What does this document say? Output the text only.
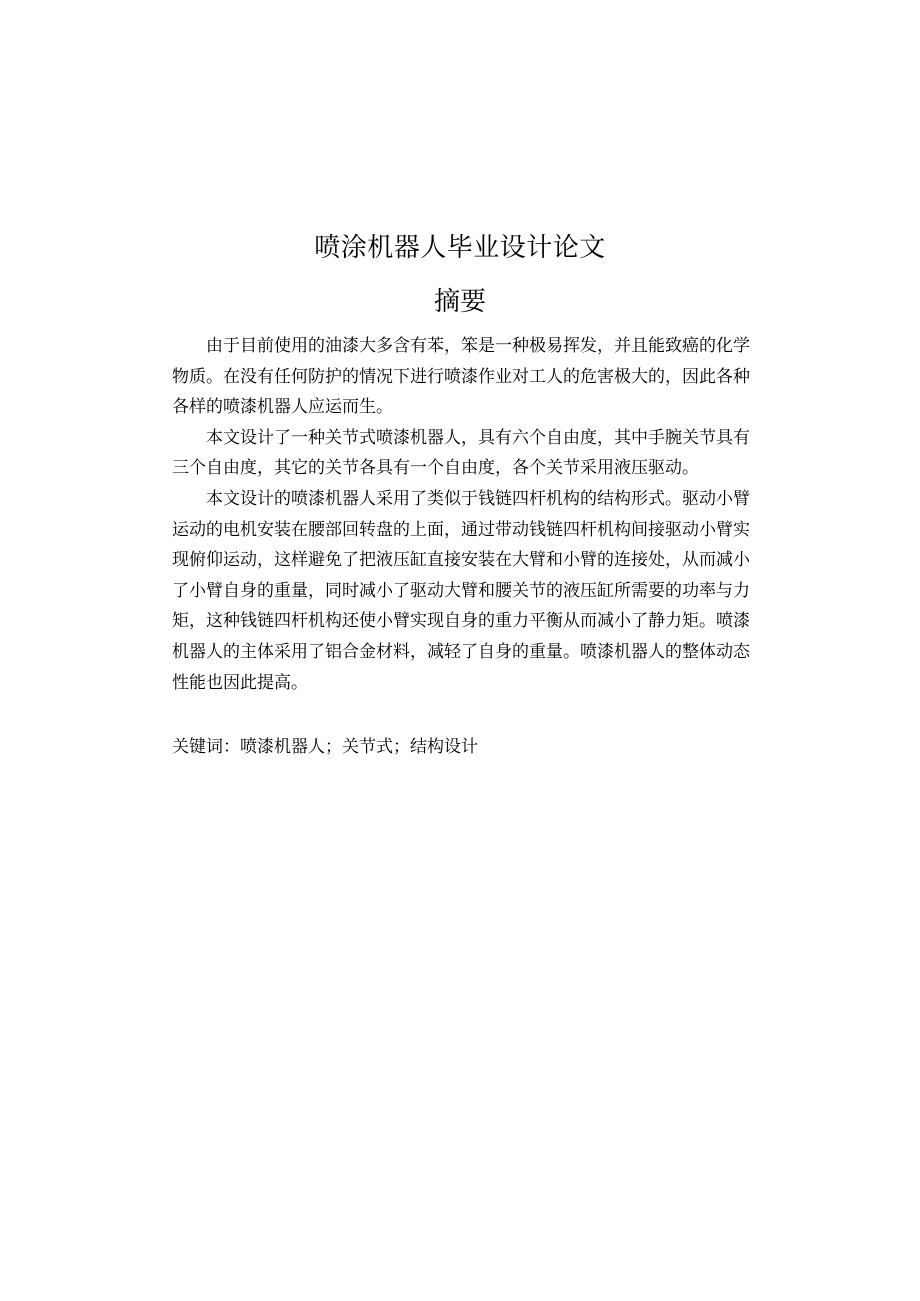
喷涂机器人毕业设计论文
摘要

由于目前使用的油漆大多含有苯，笨是一种极易挥发，并且能致癌的化学物质。在没有任何防护的情况下进行喷漆作业对工人的危害极大的，因此各种各样的喷漆机器人应运而生。

本文设计了一种关节式喷漆机器人，具有六个自由度，其中手腕关节具有三个自由度，其它的关节各具有一个自由度，各个关节采用液压驱动。

本文设计的喷漆机器人采用了类似于钱链四杆机构的结构形式。驱动小臂运动的电机安装在腰部回转盘的上面，通过带动钱链四杆机构间接驱动小臂实现俯仰运动，这样避免了把液压缸直接安装在大臂和小臂的连接处，从而减小了小臂自身的重量，同时减小了驱动大臂和腰关节的液压缸所需要的功率与力矩，这种钱链四杆机构还使小臂实现自身的重力平衡从而减小了静力矩。喷漆机器人的主体采用了铝合金材料，减轻了自身的重量。喷漆机器人的整体动态性能也因此提高。

关键词：喷漆机器人；关节式；结构设计
